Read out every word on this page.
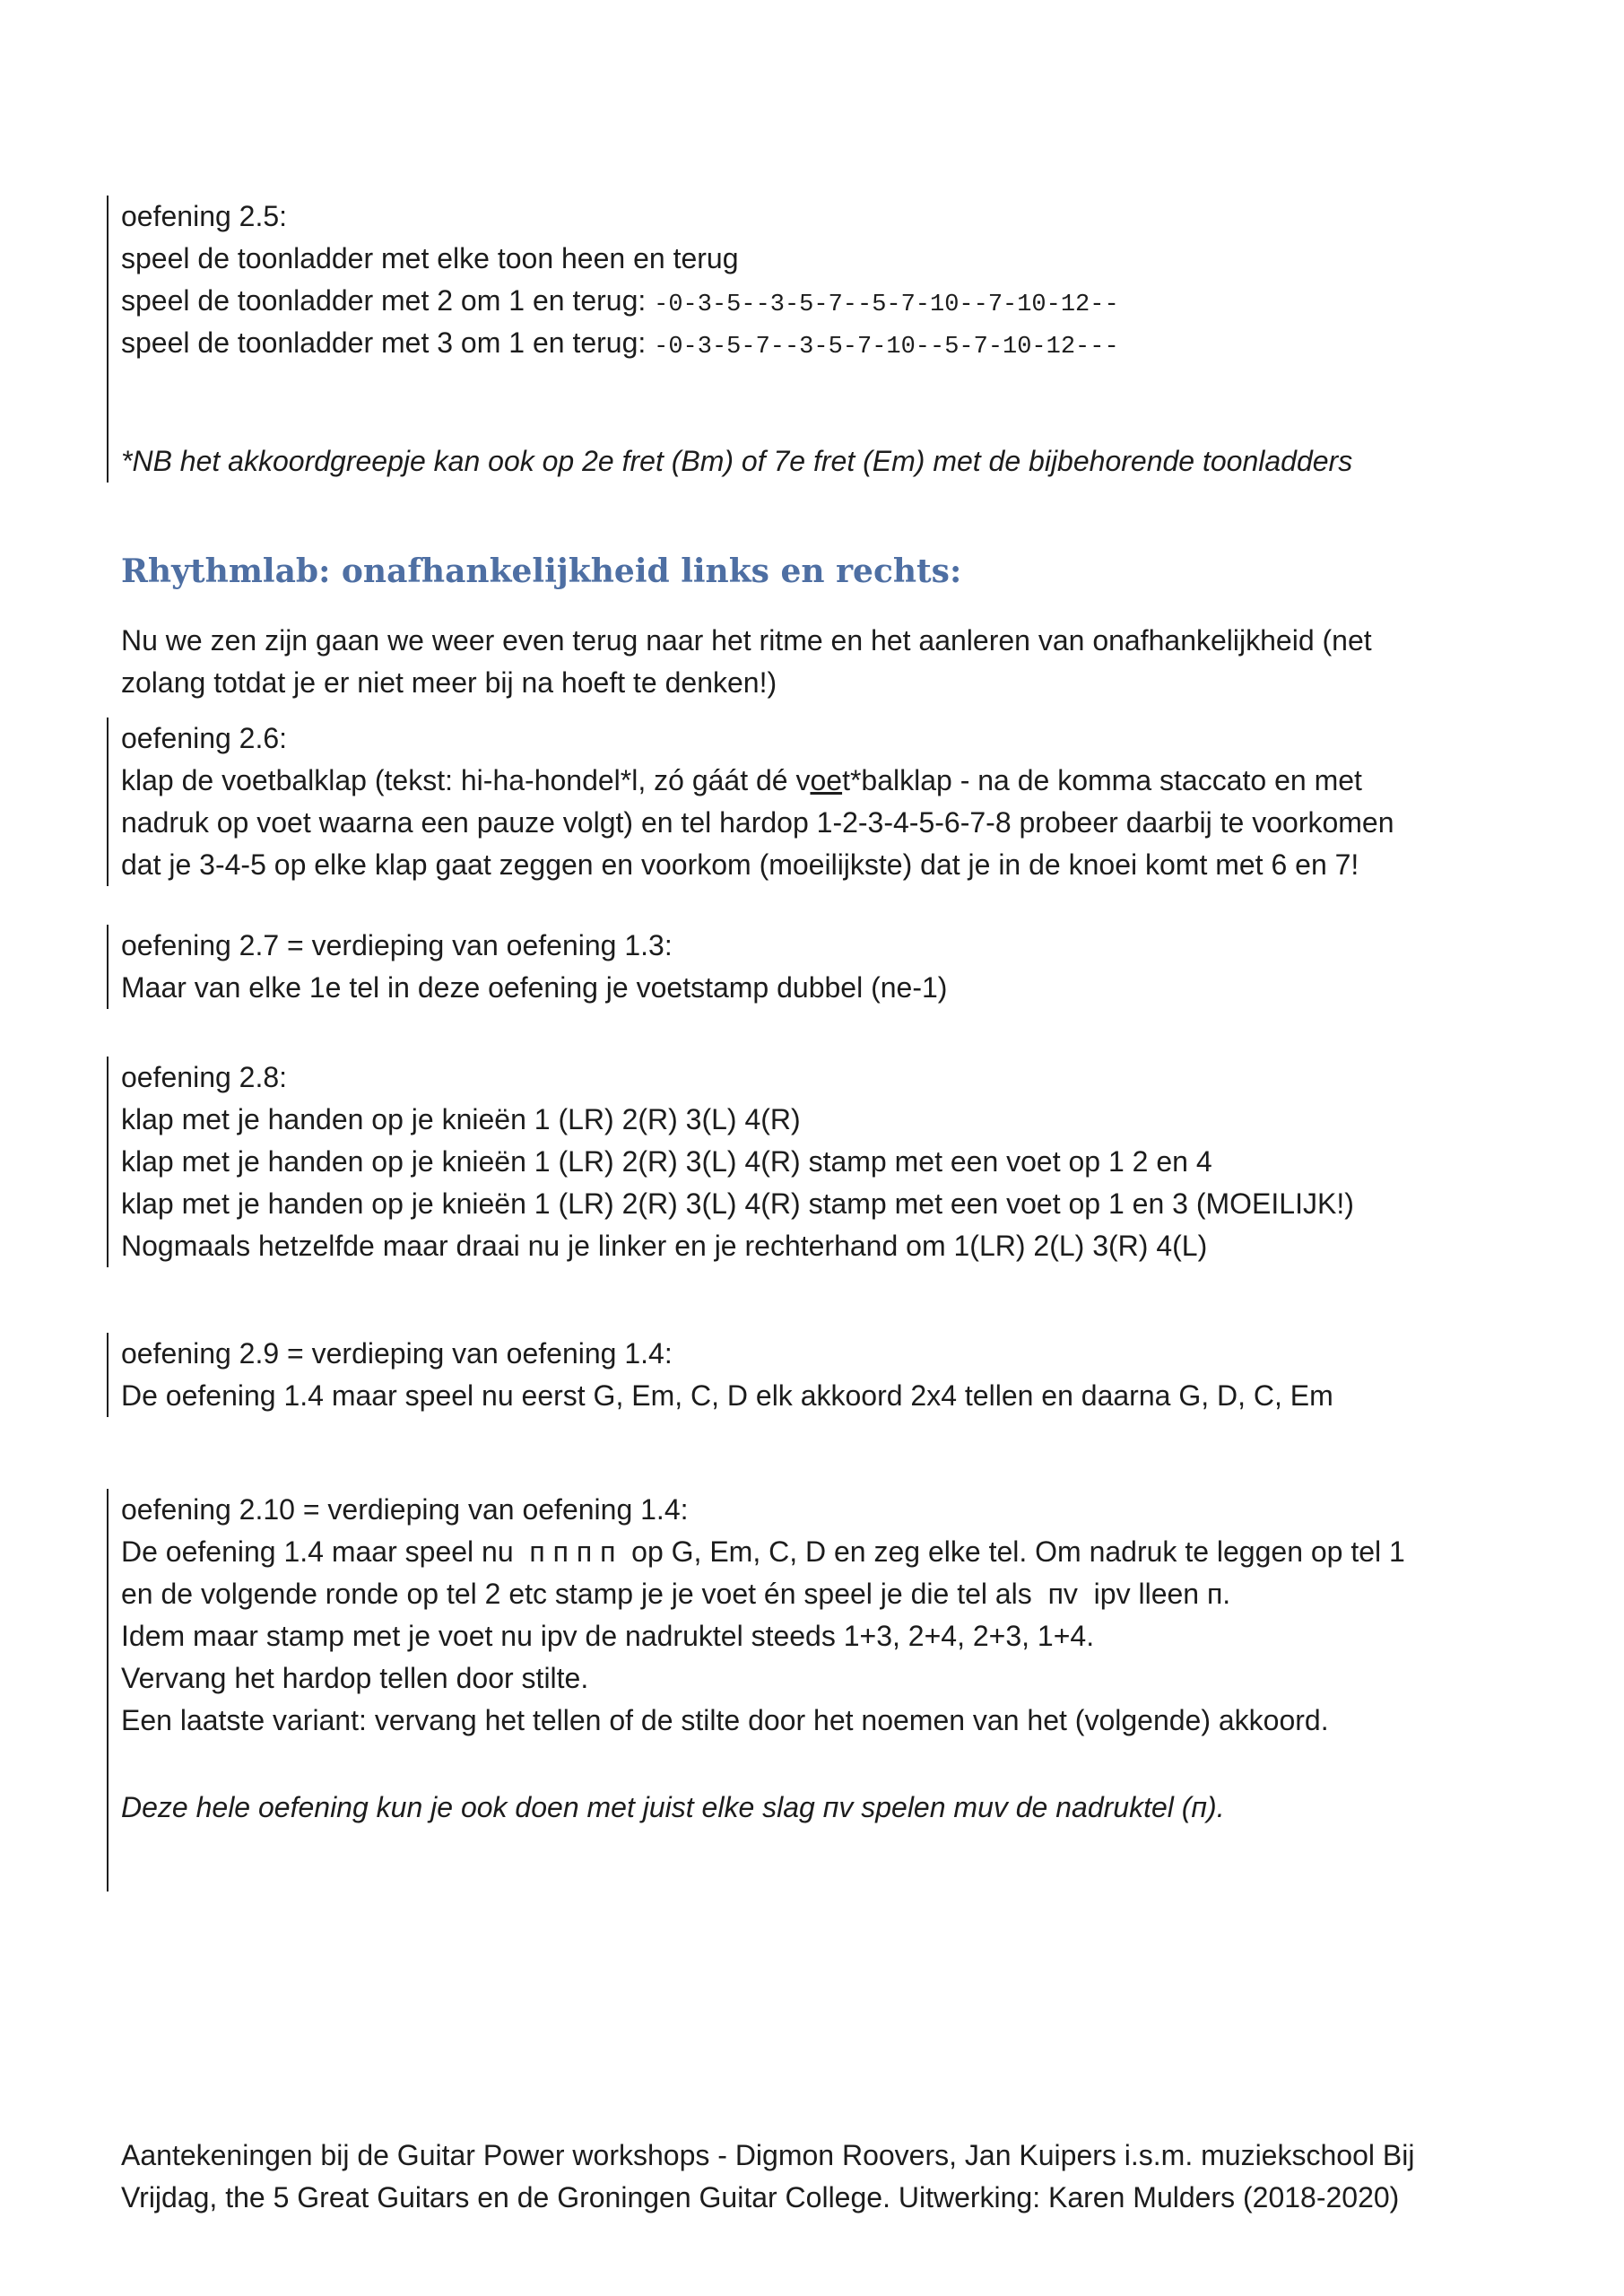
oefening 2.5:
speel de toonladder met elke toon heen en terug
speel de toonladder met 2 om 1 en terug: -0-3-5--3-5-7--5-7-10--7-10-12--
speel de toonladder met 3 om 1 en terug: -0-3-5-7--3-5-7-10--5-7-10-12---
*NB het akkoordgreepje kan ook op 2e fret (Bm) of 7e fret (Em) met de bijbehorende toonladders
Rhythmlab: onafhankelijkheid links en rechts:
Nu we zen zijn gaan we weer even terug naar het ritme en het aanleren van onafhankelijkheid (net
zolang totdat je er niet meer bij na hoeft te denken!)
oefening 2.6:
klap de voetbalklap (tekst: hi-ha-hondel*l, zó gáát dé voet*balklap - na de komma staccato en met
nadruk op voet waarna een pauze volgt) en tel hardop 1-2-3-4-5-6-7-8 probeer daarbij te voorkomen
dat je 3-4-5 op elke klap gaat zeggen en voorkom (moeilijkste) dat je in de knoei komt met 6 en 7!
oefening 2.7 = verdieping van oefening 1.3:
Maar van elke 1e tel in deze oefening je voetstamp dubbel (ne-1)
oefening 2.8:
klap met je handen op je knieën 1 (LR) 2(R) 3(L) 4(R)
klap met je handen op je knieën 1 (LR) 2(R) 3(L) 4(R) stamp met een voet op 1 2 en 4
klap met je handen op je knieën 1 (LR) 2(R) 3(L) 4(R) stamp met een voet op 1 en 3 (MOEILIJK!)
Nogmaals hetzelfde maar draai nu je linker en je rechterhand om 1(LR) 2(L) 3(R) 4(L)
oefening 2.9 = verdieping van oefening 1.4:
De oefening 1.4 maar speel nu eerst G, Em, C, D elk akkoord 2x4 tellen en daarna G, D, C, Em
oefening 2.10 = verdieping van oefening 1.4:
De oefening 1.4 maar speel nu  п п п п  op G, Em, C, D en zeg elke tel. Om nadruk te leggen op tel 1
en de volgende ronde op tel 2 etc stamp je je voet én speel je die tel als  пv  ipv lleen п.
Idem maar stamp met je voet nu ipv de nadruktel steeds 1+3, 2+4, 2+3, 1+4.
Vervang het hardop tellen door stilte.
Een laatste variant: vervang het tellen of de stilte door het noemen van het (volgende) akkoord.
Deze hele oefening kun je ook doen met juist elke slag пv spelen muv de nadruktel (п).
Aantekeningen bij de Guitar Power workshops - Digmon Roovers, Jan Kuipers i.s.m. muziekschool Bij
Vrijdag, the 5 Great Guitars en de Groningen Guitar College. Uitwerking: Karen Mulders (2018-2020)
